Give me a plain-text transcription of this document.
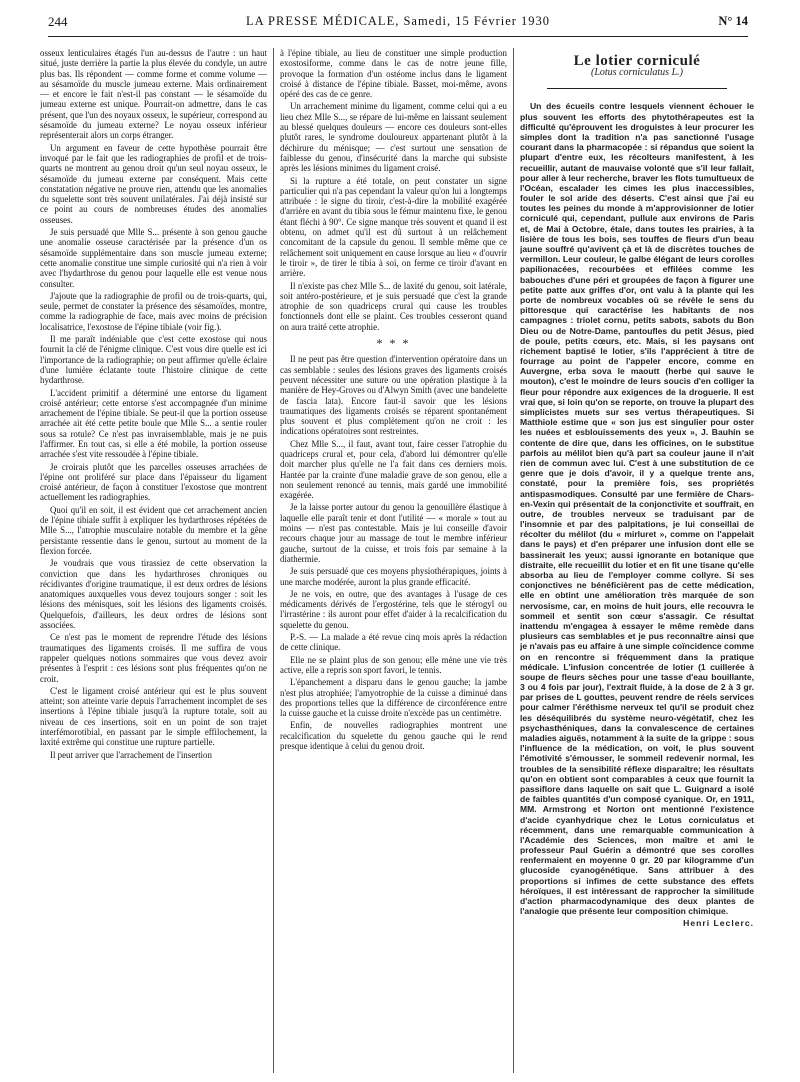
244	LA PRESSE MÉDICALE, Samedi, 15 Février 1930	N° 14

osseux lenticulaires étagés l'un au-dessus de l'autre : un haut situé, juste derrière la partie la plus élevée du condyle, un autre plus bas. Ils répondent — comme forme et comme volume — au sésamoïde du muscle jumeau externe. Mais ordinairement — et encore le fait n'est-il pas constant — le sésamoïde du jumeau externe est unique. Pourrait-on admettre, dans le cas présent, que l'un des noyaux osseux, le supérieur, correspond au sésamoïde du jumeau externe? Le noyau osseux inférieur représenterait alors un corps étranger.

Un argument en faveur de cette hypothèse pourrait être invoqué par le fait que les radiographies de profil et de trois-quarts ne montrent au genou droit qu'un seul noyau osseux, le sésamoïde du jumeau externe par conséquent. Mais cette constatation négative ne prouve rien, attendu que les anomalies du squelette sont très souvent unilatérales. J'ai déjà insisté sur ce point au cours de nombreuses études des anomalies osseuses.

Je suis persuadé que Mlle S... présente à son genou gauche une anomalie osseuse caractérisée par la présence d'un os sésamoïde supplémentaire dans son muscle jumeau externe; cette anomalie constitue une simple curiosité qui n'a rien à voir avec l'hydarthrose du genou pour laquelle elle est venue nous consulter.

J'ajoute que la radiographie de profil ou de trois-quarts, qui, seule, permet de constater la présence des sésamoïdes, montre, comme la radiographie de face, mais avec moins de précision localisatrice, l'exostose de l'épine tibiale (voir fig.).

Il me paraît indéniable que c'est cette exostose qui nous fournit la clé de l'énigme clinique. C'est vous dire quelle est ici l'importance de la radiographie; on peut affirmer qu'elle éclaire d'une lumière éclatante toute l'histoire clinique de cette hydarthrose.

L'accident primitif a déterminé une entorse du ligament croisé antérieur; cette entorse s'est accompagnée d'un minime arrachement de l'épine tibiale. Se peut-il que la portion osseuse arrachée ait été cette petite boule que Mlle S... a sentie rouler sous sa rotule? Ce n'est pas invraisemblable, mais je ne puis l'affirmer. En tout cas, si elle a été mobile, la portion osseuse arrachée s'est vite ressoudée à l'épine tibiale.

Je croirais plutôt que les parcelles osseuses arrachées de l'épine ont proliféré sur place dans l'épaisseur du ligament croisé antérieur, de façon à constituer l'exostose que montrent actuellement les radiographies.

Quoi qu'il en soit, il est évident que cet arrachement ancien de l'épine tibiale suffit à expliquer les hydarthroses répétées de Mlle S..., l'atrophie musculaire notable du membre et la gêne persistante ressentie dans le genou, surtout au moment de la flexion forcée.

Je voudrais que vous tirassiez de cette observation la conviction que dans les hydarthroses chroniques ou récidivantes d'origine traumatique, il est deux ordres de lésions anatomiques auxquelles vous devez toujours songer : soit les lésions des ménisques, soit les lésions des ligaments croisés. Quelquefois, d'ailleurs, les deux ordres de lésions sont associées.

Ce n'est pas le moment de reprendre l'étude des lésions traumatiques des ligaments croisés. Il me suffira de vous rappeler quelques notions sommaires que vous devez avoir présentes à l'esprit : ces lésions sont plus fréquentes qu'on ne croit.

C'est le ligament croisé antérieur qui est le plus souvent atteint; son atteinte varie depuis l'arrachement incomplet de ses insertions à l'épine tibiale jusqu'à la rupture totale, soit au niveau de ces insertions, soit en un point de son trajet interfémorotibial, en passant par le simple effilochement, la laxité extrême qui constitue une rupture partielle.

Il peut arriver que l'arrachement de l'insertion

à l'épine tibiale, au lieu de constituer une simple production exostosiforme, comme dans le cas de notre jeune fille, provoque la formation d'un ostéome inclus dans le ligament croisé à distance de l'épine tibiale. Basset, moi-même, avons opéré des cas de ce genre.

Un arrachement minime du ligament, comme celui qui a eu lieu chez Mlle S..., se répare de lui-même en laissant seulement au blessé quelques douleurs — encore ces douleurs sont-elles plutôt rares, le syndrome douloureux appartenant plutôt à la déchirure du ménisque; — c'est surtout une sensation de faiblesse du genou, d'insécurité dans la marche qui subsiste après les lésions minimes du ligament croisé.

Si la rupture a été totale, on peut constater un signe particulier qui n'a pas cependant la valeur qu'on lui a longtemps attribuée : le signe du tiroir, c'est-à-dire la mobilité exagérée d'arrière en avant du tibia sous le fémur maintenu fixe, le genou étant fléchi à 90°. Ce signe manque très souvent et quand il est obtenu, on admet qu'il est dû surtout à un relâchement concomitant de la capsule du genou. Il semble même que ce relâchement soit uniquement en cause lorsque au lieu « d'ouvrir le tiroir », de tirer le tibia à soi, on ferme ce tiroir d'avant en arrière.

Il n'existe pas chez Mlle S... de laxité du genou, soit latérale, soit antéro-postérieure, et je suis persuadé que c'est la grande atrophie de son quadriceps crural qui cause les troubles fonctionnels dont elle se plaint. Ces troubles cesseront quand on aura traité cette atrophie.

* * *

Il ne peut pas être question d'intervention opératoire dans un cas semblable : seules des lésions graves des ligaments croisés peuvent nécessiter une suture ou une opération plastique à la manière de Hey-Groves ou d'Alwyn Smith (avec une bandelette de fascia lata). Encore faut-il savoir que les lésions traumatiques des ligaments croisés se réparent spontanément plus souvent et plus complètement qu'on ne croit : les indications opératoires sont restreintes.

Chez Mlle S..., il faut, avant tout, faire cesser l'atrophie du quadriceps crural et, pour cela, d'abord lui démontrer qu'elle doit marcher plus qu'elle ne l'a fait dans ces derniers mois. Hantée par la crainte d'une maladie grave de son genou, elle a non seulement renoncé au tennis, mais gardé une immobilité exagérée.

Je la laisse porter autour du genou la genouillère élastique à laquelle elle paraît tenir et dont l'utilité — « morale » tout au moins — n'est pas contestable. Mais je lui conseille d'avoir recours chaque jour au massage de tout le membre inférieur gauche, surtout de la cuisse, et trois fois par semaine à la diathermie.

Je suis persuadé que ces moyens physiothérapiques, joints à une marche modérée, auront la plus grande efficacité.

Je ne vois, en outre, que des avantages à l'usage de ces médicaments dérivés de l'ergostérine, tels que le stérogyl ou l'irrastérine : ils auront pour effet d'aider à la recalcification du squelette du genou.

P.-S. — La malade a été revue cinq mois après la rédaction de cette clinique.

Elle ne se plaint plus de son genou; elle mène une vie très active, elle a repris son sport favori, le tennis.

L'épanchement a disparu dans le genou gauche; la jambe n'est plus atrophiée; l'amyotrophie de la cuisse a diminué dans des proportions telles que la différence de circonférence entre la cuisse gauche et la cuisse droite n'excède pas un centimètre.

Enfin, de nouvelles radiographies montrent une recalcification du squelette du genou gauche qui le rend presque identique à celui du genou droit.

Le lotier corniculé
(Lotus corniculatus L.)

Un des écueils contre lesquels viennent échouer le plus souvent les efforts des phytothérapeutes est la difficulté qu'éprouvent les droguistes à leur procurer les simples dont la tradition n'a pas sanctionné l'usage courant dans la pharmacopée : si répandus que soient la plupart d'entre eux, les récolteurs manifestent, à les recueillir, autant de mauvaise volonté que s'il leur fallait, pour aller à leur recherche, braver les flots tumultueux de l'Océan, escalader les cimes les plus inaccessibles, fouler le sol aride des déserts. C'est ainsi que j'ai eu toutes les peines du monde à m'approvisionner de lotier corniculé qui, cependant, pullule aux environs de Paris et, de Mai à Octobre, étale, dans toutes les prairies, à la lisière de tous les bois, ses touffes de fleurs d'un beau jaune souffré qu'avivent çà et là de discrètes touches de vermillon. Leur couleur, le galbe élégant de leurs corolles papilionacées, recourbées et effilées comme les babouches d'une péri et groupées de façon à figurer une petite patte aux griffes d'or, ont valu à la plante qui les porte de nombreux vocables où se révèle le sens du pittoresque qui caractérise les habitants de nos campagnes : triolet cornu, petits sabots, sabots du Bon Dieu ou de Notre-Dame, pantoufles du petit Jésus, pied de poule, petits cœurs, etc. Mais, si les paysans ont richement baptisé le lotier, s'ils l'apprécient à titre de fourrage au point de l'appeler encore, comme en Auvergne, erba sova le maoutt (herbe qui sauve le mouton), c'est le moindre de leurs soucis d'en colliger la fleur pour répondre aux exigences de la droguerie. Il est vrai que, si loin qu'on se reporte, on trouve la plupart des simplicistes muets sur ses vertus thérapeutiques. Si Matthiole estime que « son jus est singulier pour oster les nuées et esblouissements des yeux », J. Bauhin se contente de dire que, dans les officines, on le substitue parfois au mélilot bien qu'à part sa couleur jaune il n'ait rien de commun avec lui. C'est à une substitution de ce genre que je dois d'avoir, il y a quelque trente ans, constaté, pour la première fois, ses propriétés antispasmodiques. Consulté par une fermière de Chars-en-Vexin qui présentait de la conjonctivite et souffrait, en outre, de troubles nerveux se traduisant par de l'insomnie et par des palpitations, je lui conseillai de récolter du mélilot (du « mirluret », comme on l'appelait dans le pays) et d'en préparer une infusion dont elle se bassinerait les yeux; aussi ignorante en botanique que distraite, elle recueillit du lotier et en fit une tisane qu'elle absorba au lieu de l'employer comme collyre. Si ses conjonctives ne bénéficièrent pas de cette médication, elle en obtint une amélioration très marquée de son nervosisme, car, en moins de huit jours, elle recouvra le sommeil et sentit son cœur s'assagir. Ce résultat inattendu m'engagea à essayer le même remède dans plusieurs cas semblables et je pus reconnaître ainsi que je n'avais pas eu affaire à une simple coïncidence comme on en rencontre si fréquemment dans la pratique médicale. L'infusion concentrée de lotier (1 cuillerée à soupe de fleurs sèches pour une tasse d'eau bouillante, 3 ou 4 fois par jour), l'extrait fluide, à la dose de 2 à 3 gr. par prises de L gouttes, peuvent rendre de réels services pour calmer l'éréthisme nerveux tel qu'il se produit chez les déséquilibrés du système neuro-végétatif, chez les psychasthéniques, dans la convalescence de certaines maladies aiguës, notamment à la suite de la grippe : sous l'influence de la médication, on voit, le plus souvent l'émotivité s'émousser, le sommeil redevenir normal, les troubles de la sensibilité réflexe disparaître; les résultats qu'on en obtient sont comparables à ceux que fournit la passiflore dans laquelle on sait que L. Guignard a isolé de faibles quantités d'un composé cyanique. Or, en 1911, MM. Armstrong et Norton ont mentionné l'existence d'acide cyanhydrique chez le Lotus corniculatus et récemment, dans une remarquable communication à l'Académie des Sciences, mon maître et ami le professeur Paul Guérin a démontré que ses corolles renfermaient en moyenne 0 gr. 20 par kilogramme d'un glucoside cyanogénétique. Sans attribuer à des proportions si infimes de cette substance des effets héroïques, il est intéressant de rapprocher la similitude d'action pharmacodynamique des deux plantes de l'analogie que présente leur composition chimique.

Henri Leclerc.
